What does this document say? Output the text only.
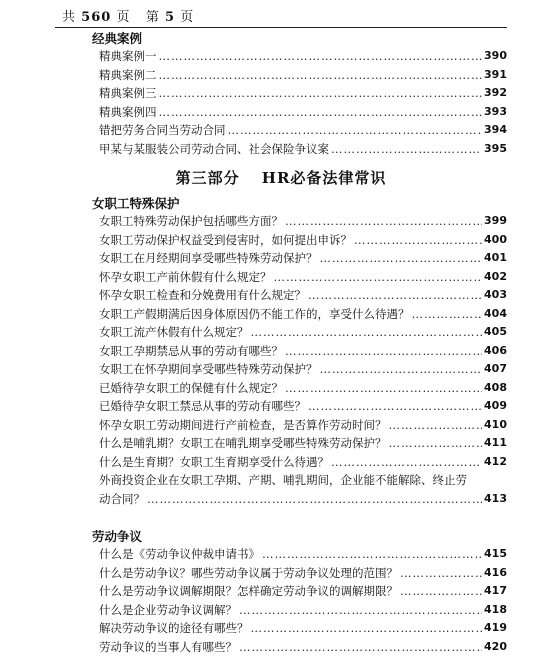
共 560 页 第 5 页
经典案例
精典案例一 ……………………………………………………………………………………………………………………………………………………………………………	390
精典案例二 ……………………………………………………………………………………………………………………………………………………………………………	391
精典案例三 ……………………………………………………………………………………………………………………………………………………………………………	392
精典案例四 ……………………………………………………………………………………………………………………………………………………………………………	393
错把劳务合同当劳动合同 ……………………………………………………………………………………………………………………………………………………………………………	394
甲某与某服装公司劳动合同、社会保险争议案 ……………………………………………………………………………………………………………………………………………………………………………	395
第三部分　 HR必备法律常识
女职工特殊保护
女职工特殊劳动保护包括哪些方面？ ……………………………………………………………………………………………………………………………………………………………………………	399
女职工劳动保护权益受到侵害时，如何提出申诉？ ……………………………………………………………………………………………………………………………………………………………………………	400
女职工在月经期间享受哪些特殊劳动保护？ ……………………………………………………………………………………………………………………………………………………………………………	401
怀孕女职工产前休假有什么规定？ ……………………………………………………………………………………………………………………………………………………………………………	402
怀孕女职工检查和分娩费用有什么规定？ ……………………………………………………………………………………………………………………………………………………………………………	403
女职工产假期满后因身体原因仍不能工作的，享受什么待遇？ ……………………………………………………………………………………………………………………………………………………………………………	404
女职工流产休假有什么规定？ ……………………………………………………………………………………………………………………………………………………………………………	405
女职工孕期禁忌从事的劳动有哪些？ ……………………………………………………………………………………………………………………………………………………………………………	406
女职工在怀孕期间享受哪些特殊劳动保护？ ……………………………………………………………………………………………………………………………………………………………………………	407
已婚待孕女职工的保健有什么规定？ ……………………………………………………………………………………………………………………………………………………………………………	408
已婚待孕女职工禁忌从事的劳动有哪些？ ……………………………………………………………………………………………………………………………………………………………………………	409
怀孕女职工劳动期间进行产前检查，是否算作劳动时间？ ……………………………………………………………………………………………………………………………………………………………………………	410
什么是哺乳期？女职工在哺乳期享受哪些特殊劳动保护？ ……………………………………………………………………………………………………………………………………………………………………………	411
什么是生育期？女职工生育期享受什么待遇？ ……………………………………………………………………………………………………………………………………………………………………………	412
外商投资企业在女职工孕期、产期、哺乳期间，企业能不能解除、终止劳
动合同？ ……………………………………………………………………………………………………………………………………………………………………………	413
劳动争议
什么是《劳动争议仲裁申请书》 ……………………………………………………………………………………………………………………………………………………………………………	415
什么是劳动争议？哪些劳动争议属于劳动争议处理的范围？ ……………………………………………………………………………………………………………………………………………………………………………	416
什么是劳动争议调解期限？怎样确定劳动争议的调解期限？ ……………………………………………………………………………………………………………………………………………………………………………	417
什么是企业劳动争议调解？ ……………………………………………………………………………………………………………………………………………………………………………	418
解决劳动争议的途径有哪些？ ……………………………………………………………………………………………………………………………………………………………………………	419
劳动争议的当事人有哪些？ ……………………………………………………………………………………………………………………………………………………………………………	420
